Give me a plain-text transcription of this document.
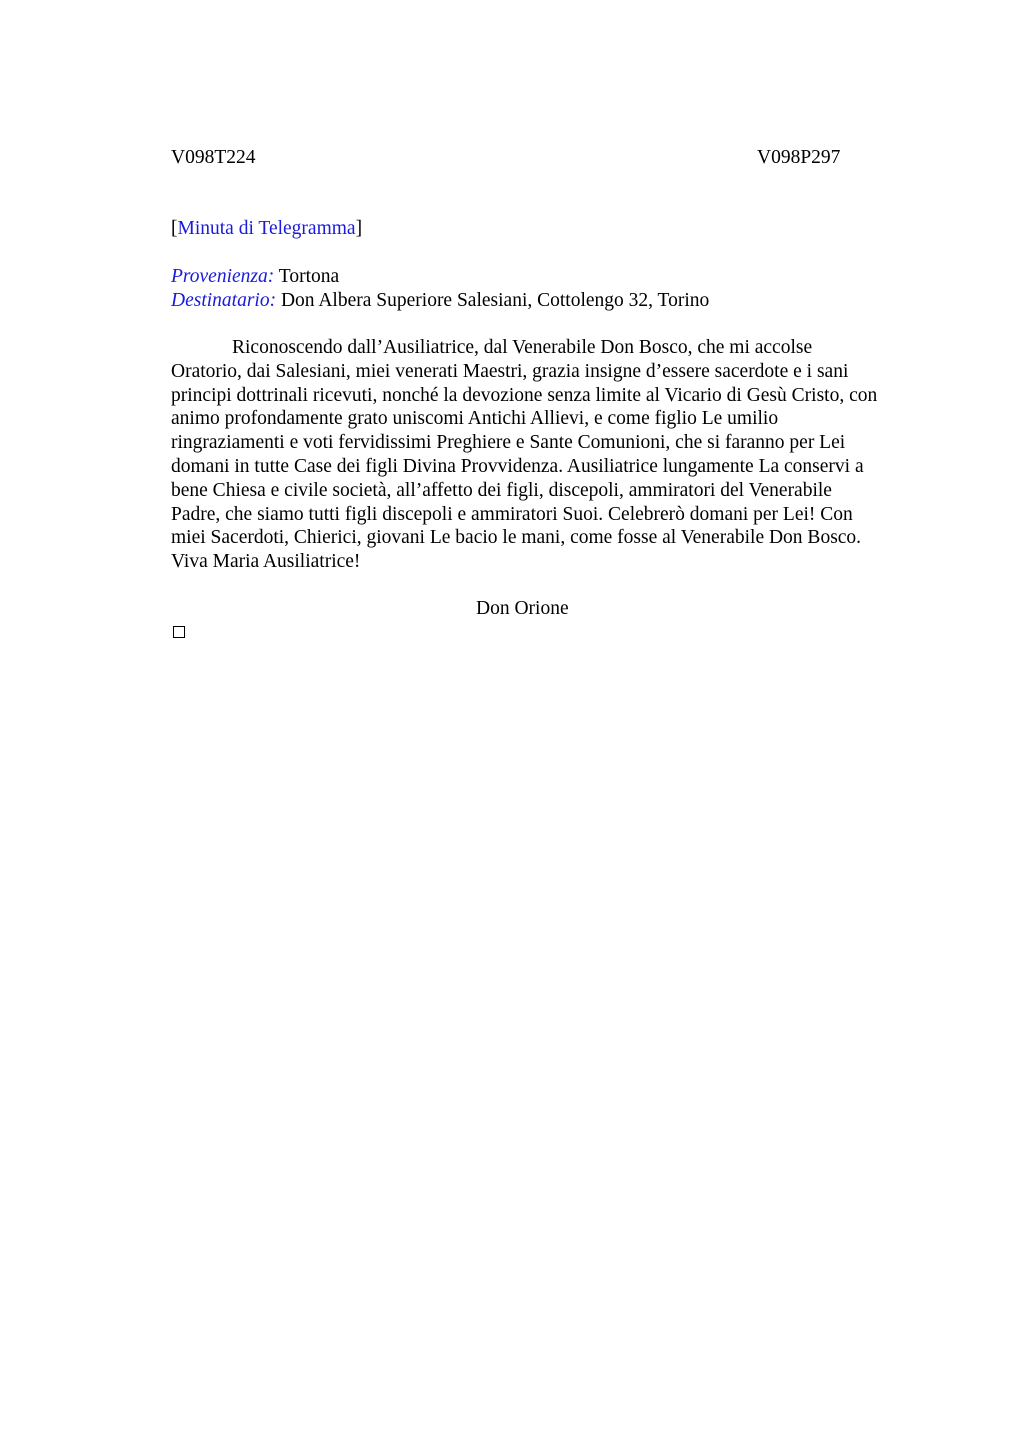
V098T224	V098P297
[Minuta di Telegramma]
Provenienza: Tortona
Destinatario: Don Albera Superiore Salesiani, Cottolengo 32, Torino
Riconoscendo dall’Ausiliatrice, dal Venerabile Don Bosco, che mi accolse
Oratorio, dai Salesiani, miei venerati Maestri, grazia insigne d’essere sacerdote e i sani
principi dottrinali ricevuti, nonché la devozione senza limite al Vicario di Gesù Cristo, con
animo profondamente grato uniscomi Antichi Allievi, e come figlio Le umilio
ringraziamenti e voti fervidissimi Preghiere e Sante Comunioni, che si faranno per Lei
domani in tutte Case dei figli Divina Provvidenza. Ausiliatrice lungamente La conservi a
bene Chiesa e civile società, all’affetto dei figli, discepoli, ammiratori del Venerabile
Padre, che siamo tutti figli discepoli e ammiratori Suoi. Celebrerò domani per Lei! Con
miei Sacerdoti, Chierici, giovani Le bacio le mani, come fosse al Venerabile Don Bosco.
Viva Maria Ausiliatrice!
Don Orione
